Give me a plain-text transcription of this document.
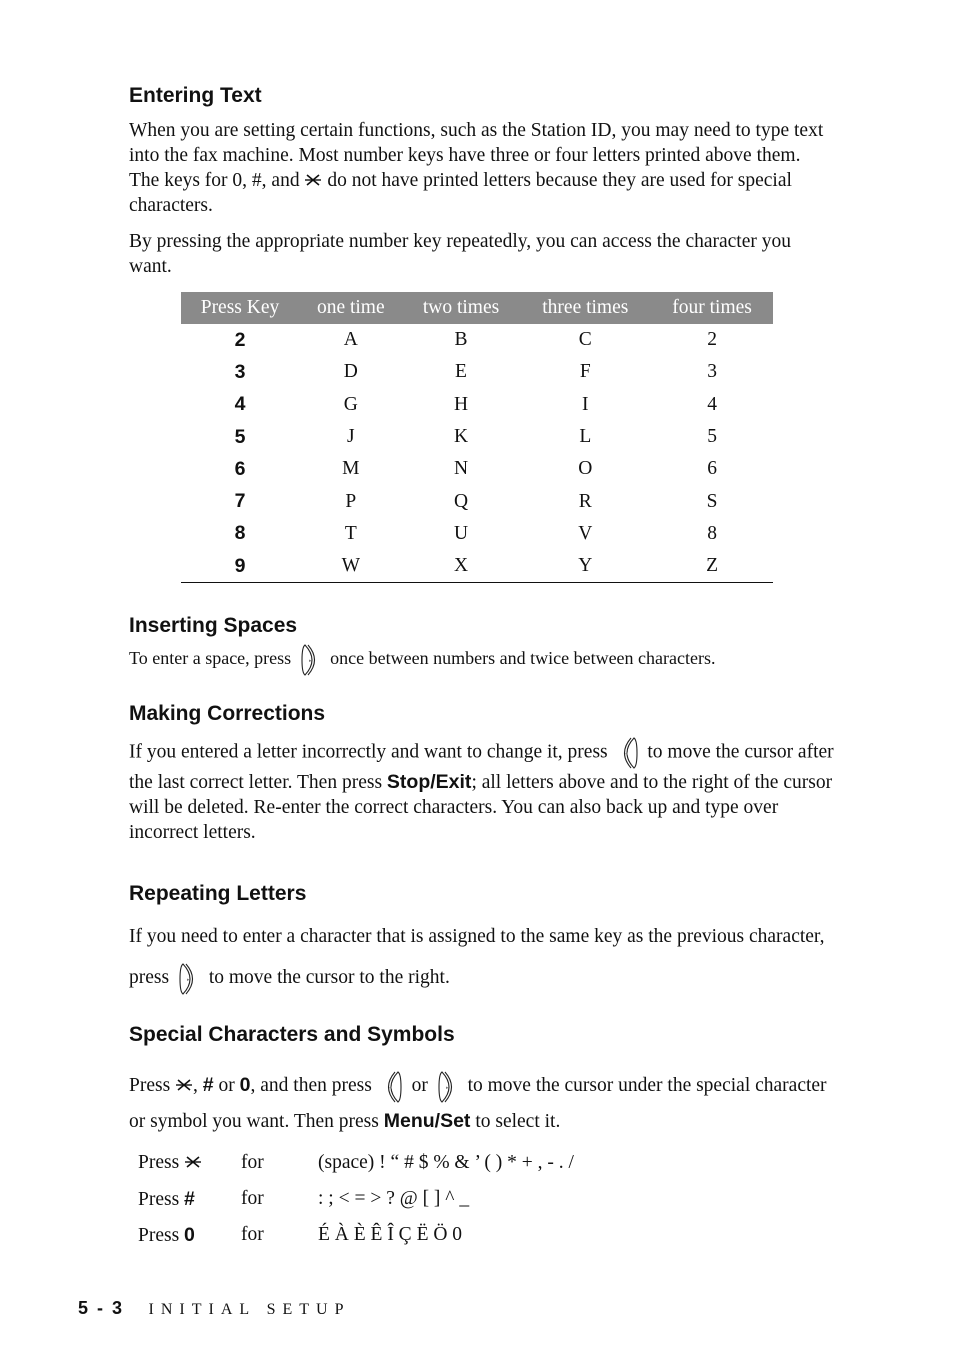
Entering Text

When you are setting certain functions, such as the Station ID, you may need to type text into the fax machine. Most number keys have three or four letters printed above them. The keys for 0, #, and do not have printed letters because they are used for special characters.

By pressing the appropriate number key repeatedly, you can access the character you want.

Press Key	one time	two times	three times	four times
2	A	B	C	2
3	D	E	F	3
4	G	H	I	4
5	J	K	L	5
6	M	N	O	6
7	P	Q	R	S
8	T	U	V	8
9	W	X	Y	Z
Inserting Spaces

To enter a space, press once between numbers and twice between characters.

Making Corrections

If you entered a letter incorrectly and want to change it, press to move the cursor after the last correct letter. Then press Stop/Exit; all letters above and to the right of the cursor will be deleted. Re-enter the correct characters. You can also back up and type over incorrect letters.

Repeating Letters

If you need to enter a character that is assigned to the same key as the previous character, press to move the cursor to the right.

Special Characters and Symbols

Press , # or 0, and then press or to move the cursor under the special character or symbol you want. Then press Menu/Set to select it.

Press	for	(space) ! “ # $ % & ’ ( ) * + , - . /
Press #	for	: ; < = > ? @ [ ] ^ _
Press 0	for	É À È Ê Î Ç Ë Ö 0
5 - 3 INITIAL SETUP
